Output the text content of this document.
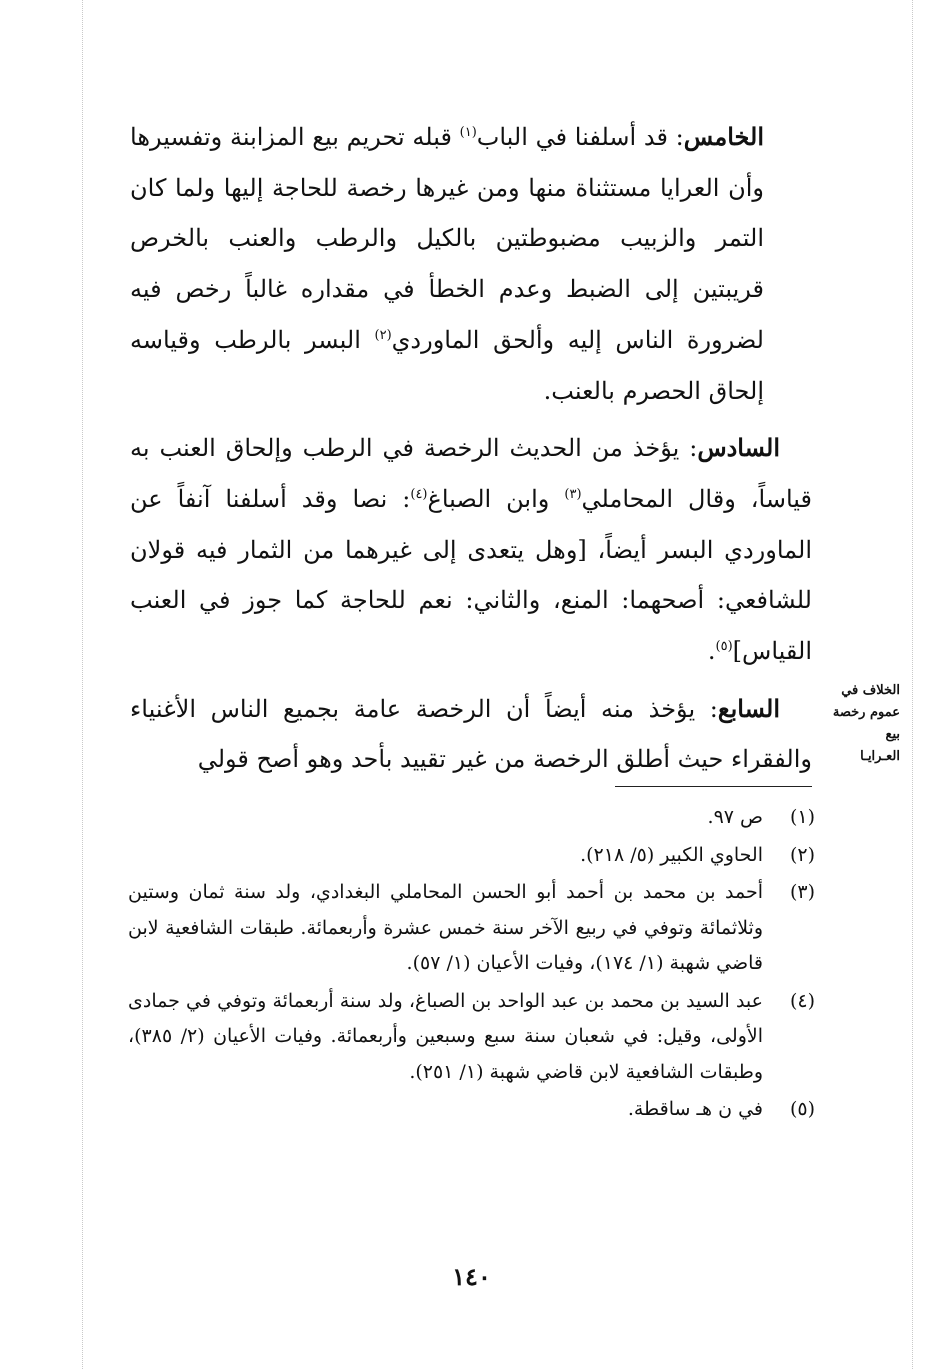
الخامس: قد أسلفنا في الباب$^{(١)}$ قبله تحريم بيع المزابنة وتفسيرها وأن العرايا مستثناة منها ومن غيرها رخصة للحاجة إليها ولما كان التمر والزبيب مضبوطتين بالكيل والرطب والعنب بالخرص قريبتين إلى الضبط وعدم الخطأ في مقداره غالباً رخص فيه لضرورة الناس إليه وألحق الماوردي$^{(٢)}$ البسر بالرطب وقياسه إلحاق الحصرم بالعنب.

السادس: يؤخذ من الحديث الرخصة في الرطب وإلحاق العنب به قياساً، وقال المحاملي$^{(٣)}$ وابن الصباغ$^{(٤)}$: نصا وقد أسلفنا آنفاً عن الماوردي البسر أيضاً، [وهل يتعدى إلى غيرهما من الثمار فيه قولان للشافعي: أصحهما: المنع، والثاني: نعم للحاجة كما جوز في العنب القياس]$^{(٥)}$.

السابع: يؤخذ منه أيضاً أن الرخصة عامة بجميع الناس الأغنياء والفقراء حيث أطلق الرخصة من غير تقييد بأحد وهو أصح قولي

الخلاف في
عموم رخصة بيع
العـرايـا
(١)
ص ٩٧.
(٢)
الحاوي الكبير (٥/ ٢١٨).
(٣)
أحمد بن محمد بن أحمد أبو الحسن المحاملي البغدادي، ولد سنة ثمان وستين وثلاثمائة وتوفي في ربيع الآخر سنة خمس عشرة وأربعمائة. طبقات الشافعية لابن قاضي شهبة (١/ ١٧٤)، وفيات الأعيان (١/ ٥٧).
(٤)
عبد السيد بن محمد بن عبد الواحد بن الصباغ، ولد سنة أربعمائة وتوفي في جمادى الأولى، وقيل: في شعبان سنة سبع وسبعين وأربعمائة. وفيات الأعيان (٢/ ٣٨٥)، وطبقات الشافعية لابن قاضي شهبة (١/ ٢٥١).
(٥)
في ن هـ ساقطة.
١٤٠
